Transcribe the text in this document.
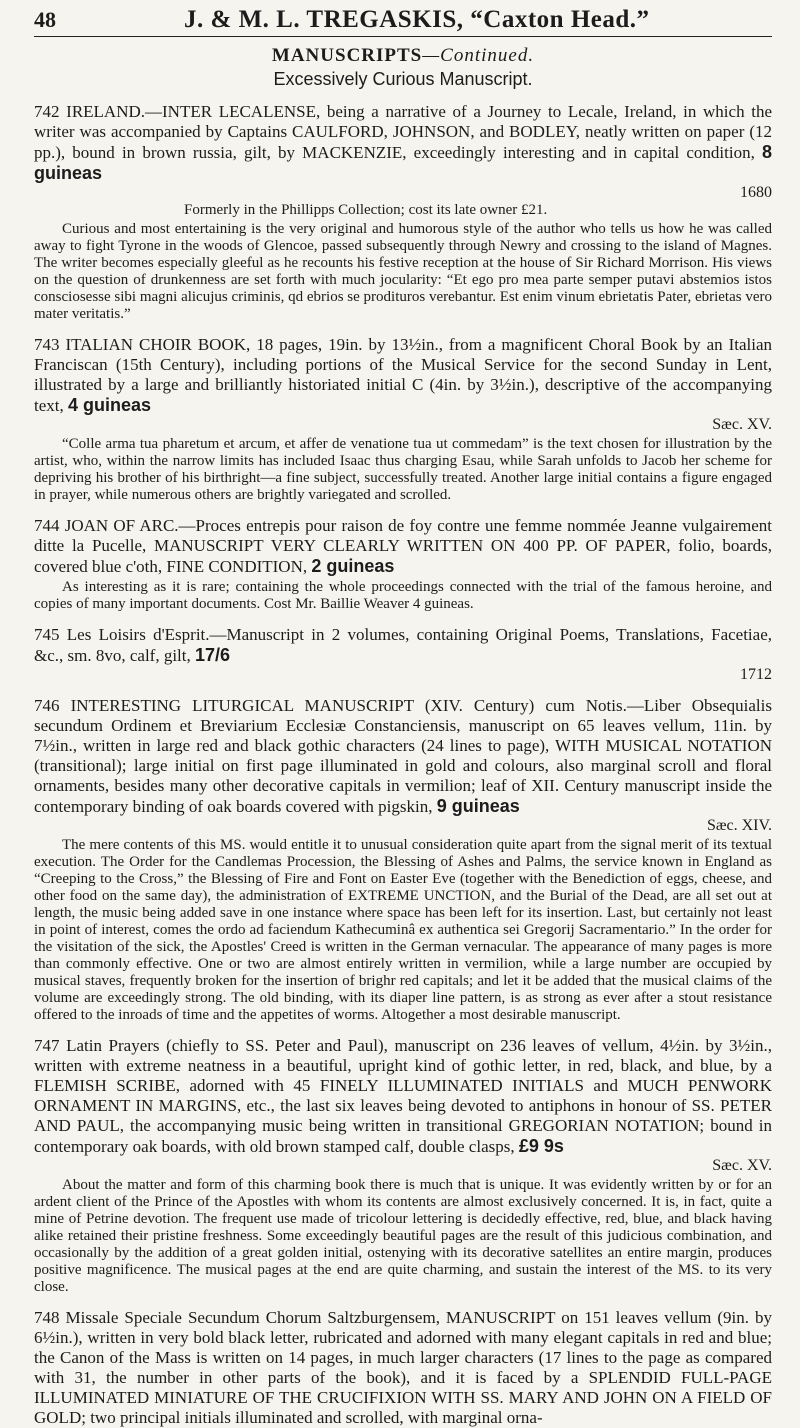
48	J. & M. L. TREGASKIS, “Caxton Head.”
MANUSCRIPTS—Continued.
Excessively Curious Manuscript.
742 IRELAND.—INTER LECALENSE, being a narrative of a Journey to Lecale, Ireland, in which the writer was accompanied by Captains CAULFORD, JOHNSON, and BODLEY, neatly written on paper (12 pp.), bound in brown russia, gilt, by MACKENZIE, exceedingly interesting and in capital condition, 8 guineas
1680
Formerly in the Phillipps Collection; cost its late owner £21.
Curious and most entertaining is the very original and humorous style of the author who tells us how he was called away to fight Tyrone in the woods of Glencoe, passed subsequently through Newry and crossing to the island of Magnes. The writer becomes especially gleeful as he recounts his festive reception at the house of Sir Richard Morrison. His views on the question of drunkenness are set forth with much jocularity: “Et ego pro mea parte semper putavi abstemios istos consciosesse sibi magni alicujus criminis, qd ebrios se prodituros verebantur. Est enim vinum ebrietatis Pater, ebrietas vero mater veritatis.”
743 ITALIAN CHOIR BOOK, 18 pages, 19in. by 13½in., from a magnificent Choral Book by an Italian Franciscan (15th Century), including portions of the Musical Service for the second Sunday in Lent, illustrated by a large and brilliantly historiated initial C (4in. by 3½in.), descriptive of the accompanying text, 4 guineas
Sæc. XV.
“Colle arma tua pharetum et arcum, et affer de venatione tua ut commedam” is the text chosen for illustration by the artist, who, within the narrow limits has included Isaac thus charging Esau, while Sarah unfolds to Jacob her scheme for depriving his brother of his birthright—a fine subject, successfully treated. Another large initial contains a figure engaged in prayer, while numerous others are brightly variegated and scrolled.
744 JOAN OF ARC.—Proces entrepis pour raison de foy contre une femme nommée Jeanne vulgairement ditte la Pucelle, MANUSCRIPT VERY CLEARLY WRITTEN ON 400 PP. OF PAPER, folio, boards, covered blue c'oth, FINE CONDITION, 2 guineas
As interesting as it is rare; containing the whole proceedings connected with the trial of the famous heroine, and copies of many important documents. Cost Mr. Baillie Weaver 4 guineas.
745 Les Loisirs d'Esprit.—Manuscript in 2 volumes, containing Original Poems, Translations, Facetiae, &c., sm. 8vo, calf, gilt, 17/6
1712
746 INTERESTING LITURGICAL MANUSCRIPT (XIV. Century) cum Notis.—Liber Obsequialis secundum Ordinem et Breviarium Ecclesiæ Constanciensis, manuscript on 65 leaves vellum, 11in. by 7½in., written in large red and black gothic characters (24 lines to page), WITH MUSICAL NOTATION (transitional); large initial on first page illuminated in gold and colours, also marginal scroll and floral ornaments, besides many other decorative capitals in vermilion; leaf of XII. Century manuscript inside the contemporary binding of oak boards covered with pigskin, 9 guineas
Sæc. XIV.
The mere contents of this MS. would entitle it to unusual consideration quite apart from the signal merit of its textual execution. The Order for the Candlemas Procession, the Blessing of Ashes and Palms, the service known in England as “Creeping to the Cross,” the Blessing of Fire and Font on Easter Eve (together with the Benediction of eggs, cheese, and other food on the same day), the administration of EXTREME UNCTION, and the Burial of the Dead, are all set out at length, the music being added save in one instance where space has been left for its insertion. Last, but certainly not least in point of interest, comes the ordo ad faciendum Kathecuminâ ex authentica sei Gregorij Sacramentario.” In the order for the visitation of the sick, the Apostles' Creed is written in the German vernacular. The appearance of many pages is more than commonly effective. One or two are almost entirely written in vermilion, while a large number are occupied by musical staves, frequently broken for the insertion of brighr red capitals; and let it be added that the musical claims of the volume are exceedingly strong. The old binding, with its diaper line pattern, is as strong as ever after a stout resistance offered to the inroads of time and the appetites of worms. Altogether a most desirable manuscript.
747 Latin Prayers (chiefly to SS. Peter and Paul), manuscript on 236 leaves of vellum, 4½in. by 3½in., written with extreme neatness in a beautiful, upright kind of gothic letter, in red, black, and blue, by a FLEMISH SCRIBE, adorned with 45 FINELY ILLUMINATED INITIALS and MUCH PENWORK ORNAMENT IN MARGINS, etc., the last six leaves being devoted to antiphons in honour of SS. PETER AND PAUL, the accompanying music being written in transitional GREGORIAN NOTATION; bound in contemporary oak boards, with old brown stamped calf, double clasps, £9 9s
Sæc. XV.
About the matter and form of this charming book there is much that is unique. It was evidently written by or for an ardent client of the Prince of the Apostles with whom its contents are almost exclusively concerned. It is, in fact, quite a mine of Petrine devotion. The frequent use made of tricolour lettering is decidedly effective, red, blue, and black having alike retained their pristine freshness. Some exceedingly beautiful pages are the result of this judicious combination, and occasionally by the addition of a great golden initial, ostenying with its decorative satellites an entire margin, produces positive magnificence. The musical pages at the end are quite charming, and sustain the interest of the MS. to its very close.
748 Missale Speciale Secundum Chorum Saltzburgensem, MANUSCRIPT on 151 leaves vellum (9in. by 6½in.), written in very bold black letter, rubricated and adorned with many elegant capitals in red and blue; the Canon of the Mass is written on 14 pages, in much larger characters (17 lines to the page as compared with 31, the number in other parts of the book), and it is faced by a SPLENDID FULL-PAGE ILLUMINATED MINIATURE OF THE CRUCIFIXION WITH SS. MARY AND JOHN ON A FIELD OF GOLD; two principal initials illuminated and scrolled, with marginal orna-
